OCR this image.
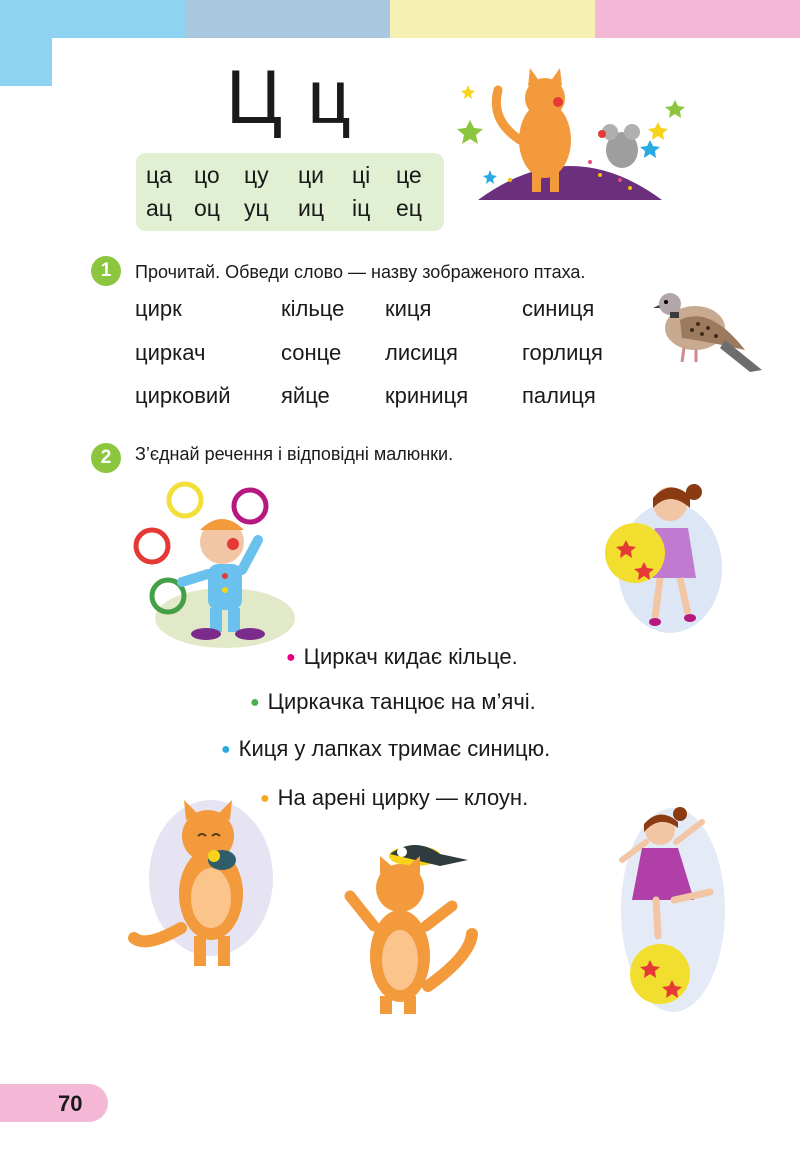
Ц ц
ца цо цу ци ці це
ац оц уц иц іц ец
1	Прочитай. Обведи слово — назву зображеного птаха.
цирк
циркач
цирковий
кільце
сонце
яйце
киця
лисиця
криниця
синиця
горлиця
палиця
2	З’єднай речення і відповідні малюнки.
● Циркач кидає кільце.
● Циркачка танцює на м’ячі.
● Киця у лапках тримає синицю.
● На арені цирку — клоун.
70
